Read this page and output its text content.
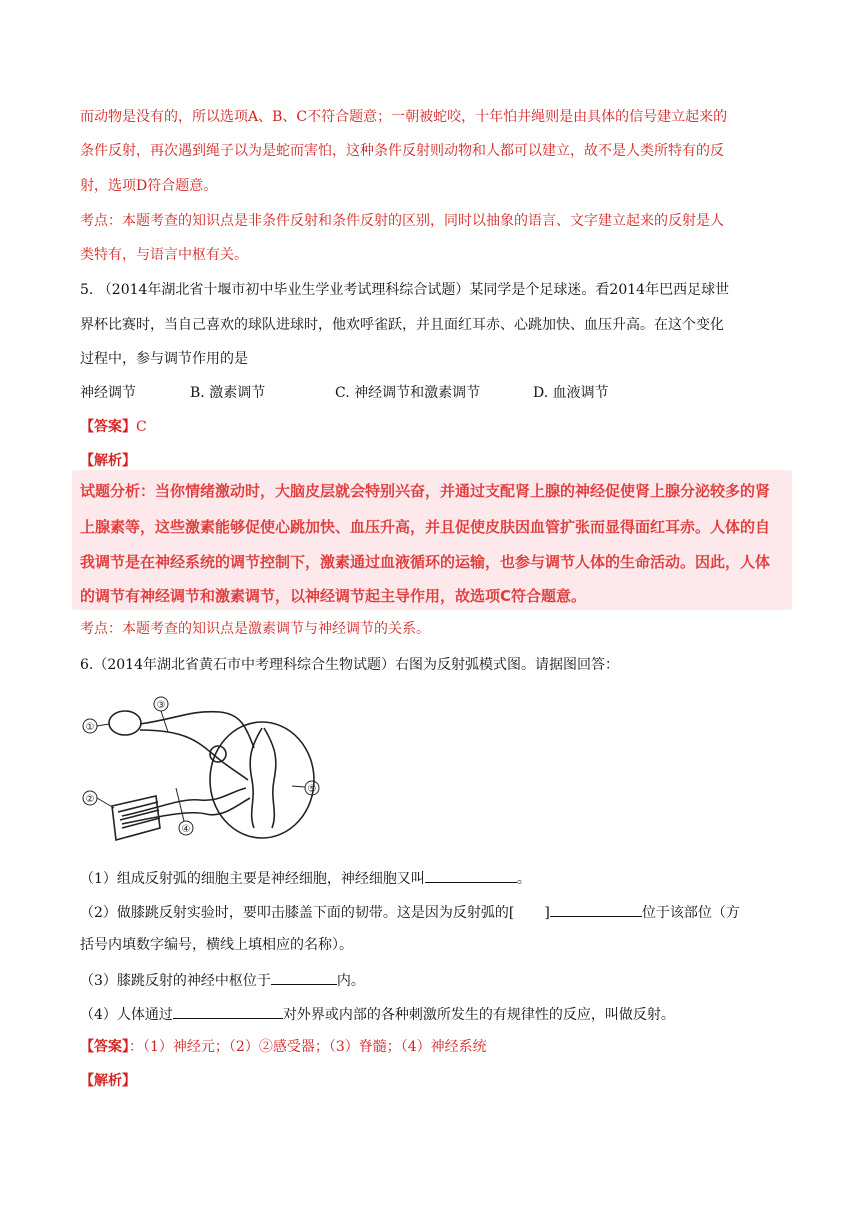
而动物是没有的，所以选项A、B、C不符合题意；一朝被蛇咬，十年怕井绳则是由具体的信号建立起来的
条件反射，再次遇到绳子以为是蛇而害怕，这种条件反射则动物和人都可以建立，故不是人类所特有的反
射，选项D符合题意。
考点：本题考查的知识点是非条件反射和条件反射的区别，同时以抽象的语言、文字建立起来的反射是人
类特有，与语言中枢有关。
5. （2014年湖北省十堰市初中毕业生学业考试理科综合试题）某同学是个足球迷。看2014年巴西足球世
界杯比赛时，当自己喜欢的球队进球时，他欢呼雀跃，并且面红耳赤、心跳加快、血压升高。在这个变化
过程中，参与调节作用的是
神经调节	B. 激素调节	C. 神经调节和激素调节	D. 血液调节
【答案】C
【解析】
试题分析：当你情绪激动时，大脑皮层就会特别兴奋，并通过支配肾上腺的神经促使肾上腺分泌较多的肾
上腺素等，这些激素能够促使心跳加快、血压升高，并且促使皮肤因血管扩张而显得面红耳赤。人体的自
我调节是在神经系统的调节控制下，激素通过血液循环的运输，也参与调节人体的生命活动。因此，人体
的调节有神经调节和激素调节，以神经调节起主导作用，故选项C符合题意。
考点：本题考查的知识点是激素调节与神经调节的关系。
6.（2014年湖北省黄石市中考理科综合生物试题）右图为反射弧模式图。请据图回答：
①
②
③
④
⑤
（1）组成反射弧的细胞主要是神经细胞，神经细胞又叫	。
（2）做膝跳反射实验时，要叩击膝盖下面的韧带。这是因为反射弧的[ ]	位于该部位（方
括号内填数字编号，横线上填相应的名称）。
（3）膝跳反射的神经中枢位于	内。
（4）人体通过	对外界或内部的各种刺激所发生的有规律性的反应，叫做反射。
【答案】：（1）神经元；（2）②感受器；（3）脊髓；（4）神经系统
【解析】
